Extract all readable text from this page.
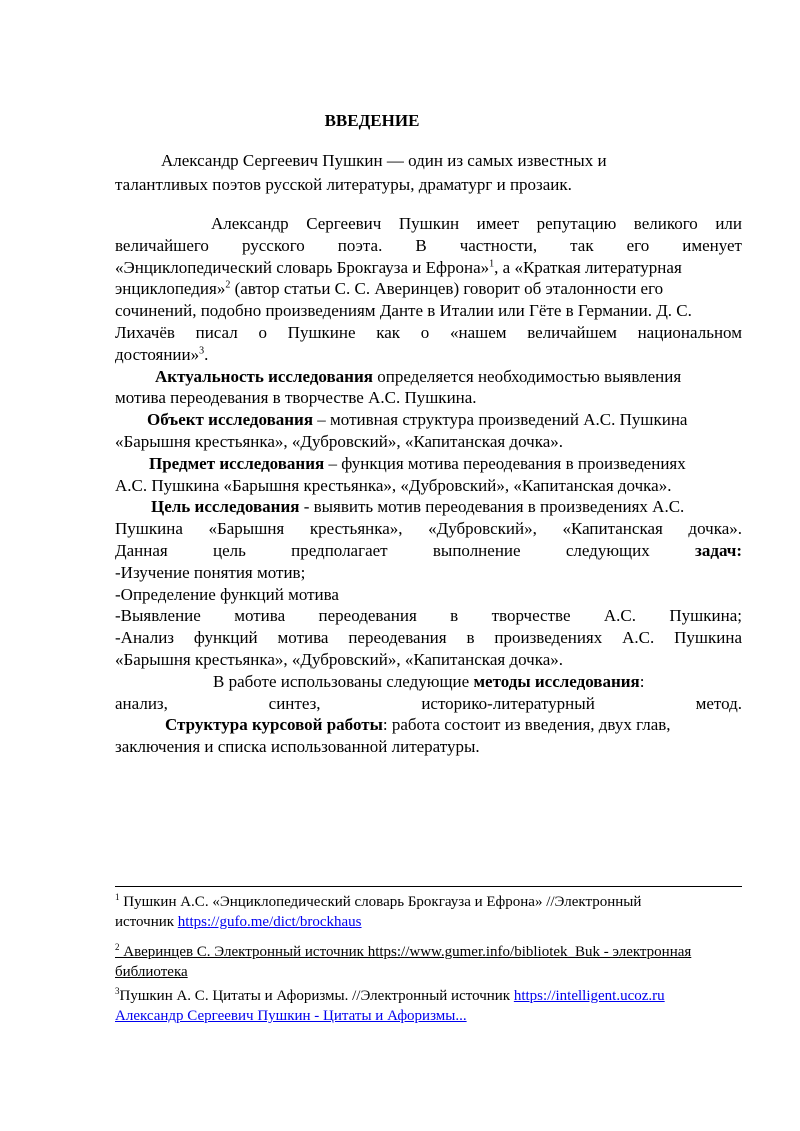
ВВЕДЕНИЕ
Александр Сергеевич Пушкин — один из самых известных и
талантливых поэтов русской литературы, драматург и прозаик.
Александр Сергеевич Пушкин имеет репутацию великого или
величайшего русского поэта. В частности, так его именует
«Энциклопедический словарь Брокгауза и Ефрона»$^1$, а «Краткая литературная
энциклопедия»$^2$ (автор статьи С. С. Аверинцев) говорит об эталонности его
сочинений, подобно произведениям Данте в Италии или Гёте в Германии. Д. С.
Лихачёв писал о Пушкине как о «нашем величайшем национальном
достоянии»$^3$.
Актуальность исследования определяется необходимостью выявления
мотива переодевания в творчестве А.С. Пушкина.
Объект исследования – мотивная структура произведений А.С. Пушкина
«Барышня крестьянка», «Дубровский», «Капитанская дочка».
Предмет исследования – функция мотива переодевания в произведениях
А.С. Пушкина «Барышня крестьянка», «Дубровский», «Капитанская дочка».
Цель исследования - выявить мотив переодевания в произведениях А.С.
Пушкина «Барышня крестьянка», «Дубровский», «Капитанская дочка».
Данная цель предполагает выполнение следующих	задач:
-Изучение понятия мотив;
-Определение функций мотива
-Выявление мотива переодевания в творчестве А.С. Пушкина;
-Анализ функций мотива переодевания в произведениях А.С. Пушкина
«Барышня крестьянка», «Дубровский», «Капитанская дочка».
В работе использованы следующие методы исследования:
анализ, синтез, историко-литературный метод.
Структура курсовой работы: работа состоит из введения, двух глав,
заключения и списка использованной литературы.
$^1$ Пушкин А.С. «Энциклопедический словарь Брокгауза и Ефрона» //Электронный
источник https://gufo.me/dict/brockhaus
$^2$ Аверинцев С. Электронный источник https://www.gumer.info/bibliotek_Buk - электронная
библиотека
$^3$Пушкин А. С. Цитаты и Афоризмы. //Электронный источник https://intelligent.ucoz.ru
Александр Сергеевич Пушкин - Цитаты и Афоризмы...
